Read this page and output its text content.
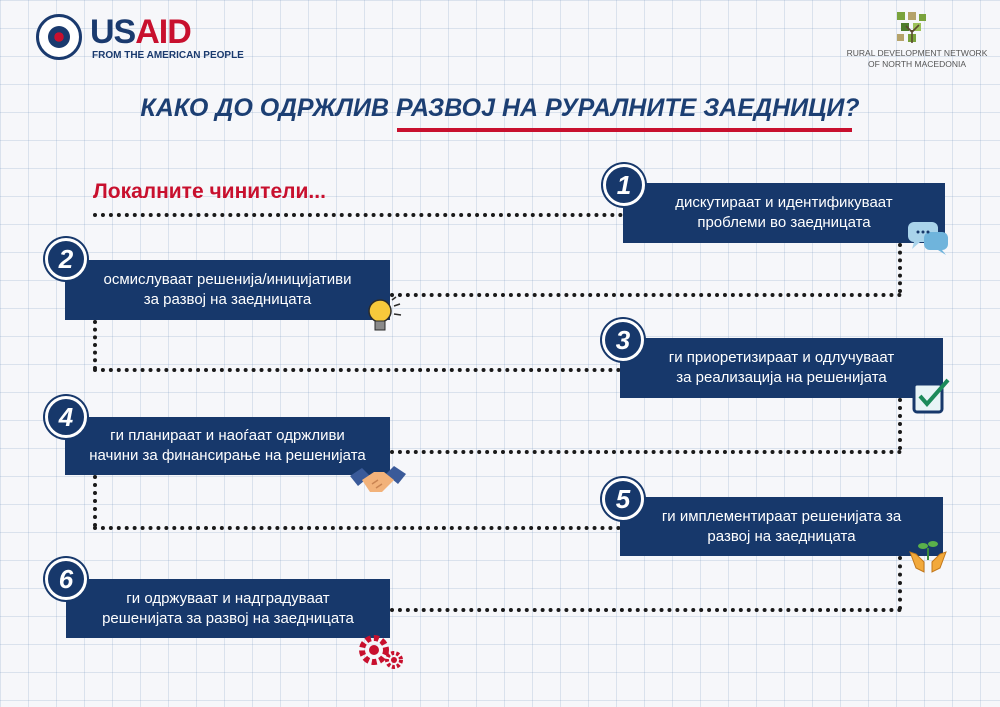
USAID
FROM THE AMERICAN PEOPLE	RURAL DEVELOPMENT NETWORK
OF NORTH MACEDONIA
КАКО ДО ОДРЖЛИВ РАЗВОЈ НА РУРАЛНИТЕ ЗАЕДНИЦИ?
Локалните чинители...	дискутираат и идентификуваат
проблеми во заедницата
1
осмислуваат решенија/иницијативи
за развој на заедницата
2
ги приоретизираат и одлучуваат
за реализација на решенијата
3
ги планираат и наоѓаат одржливи
начини за финансирање на решенијата
4
ги имплементираат решенијата за
развој на заедницата
5
ги одржуваат и надградуваат
решенијата за развој на заедницата
6
